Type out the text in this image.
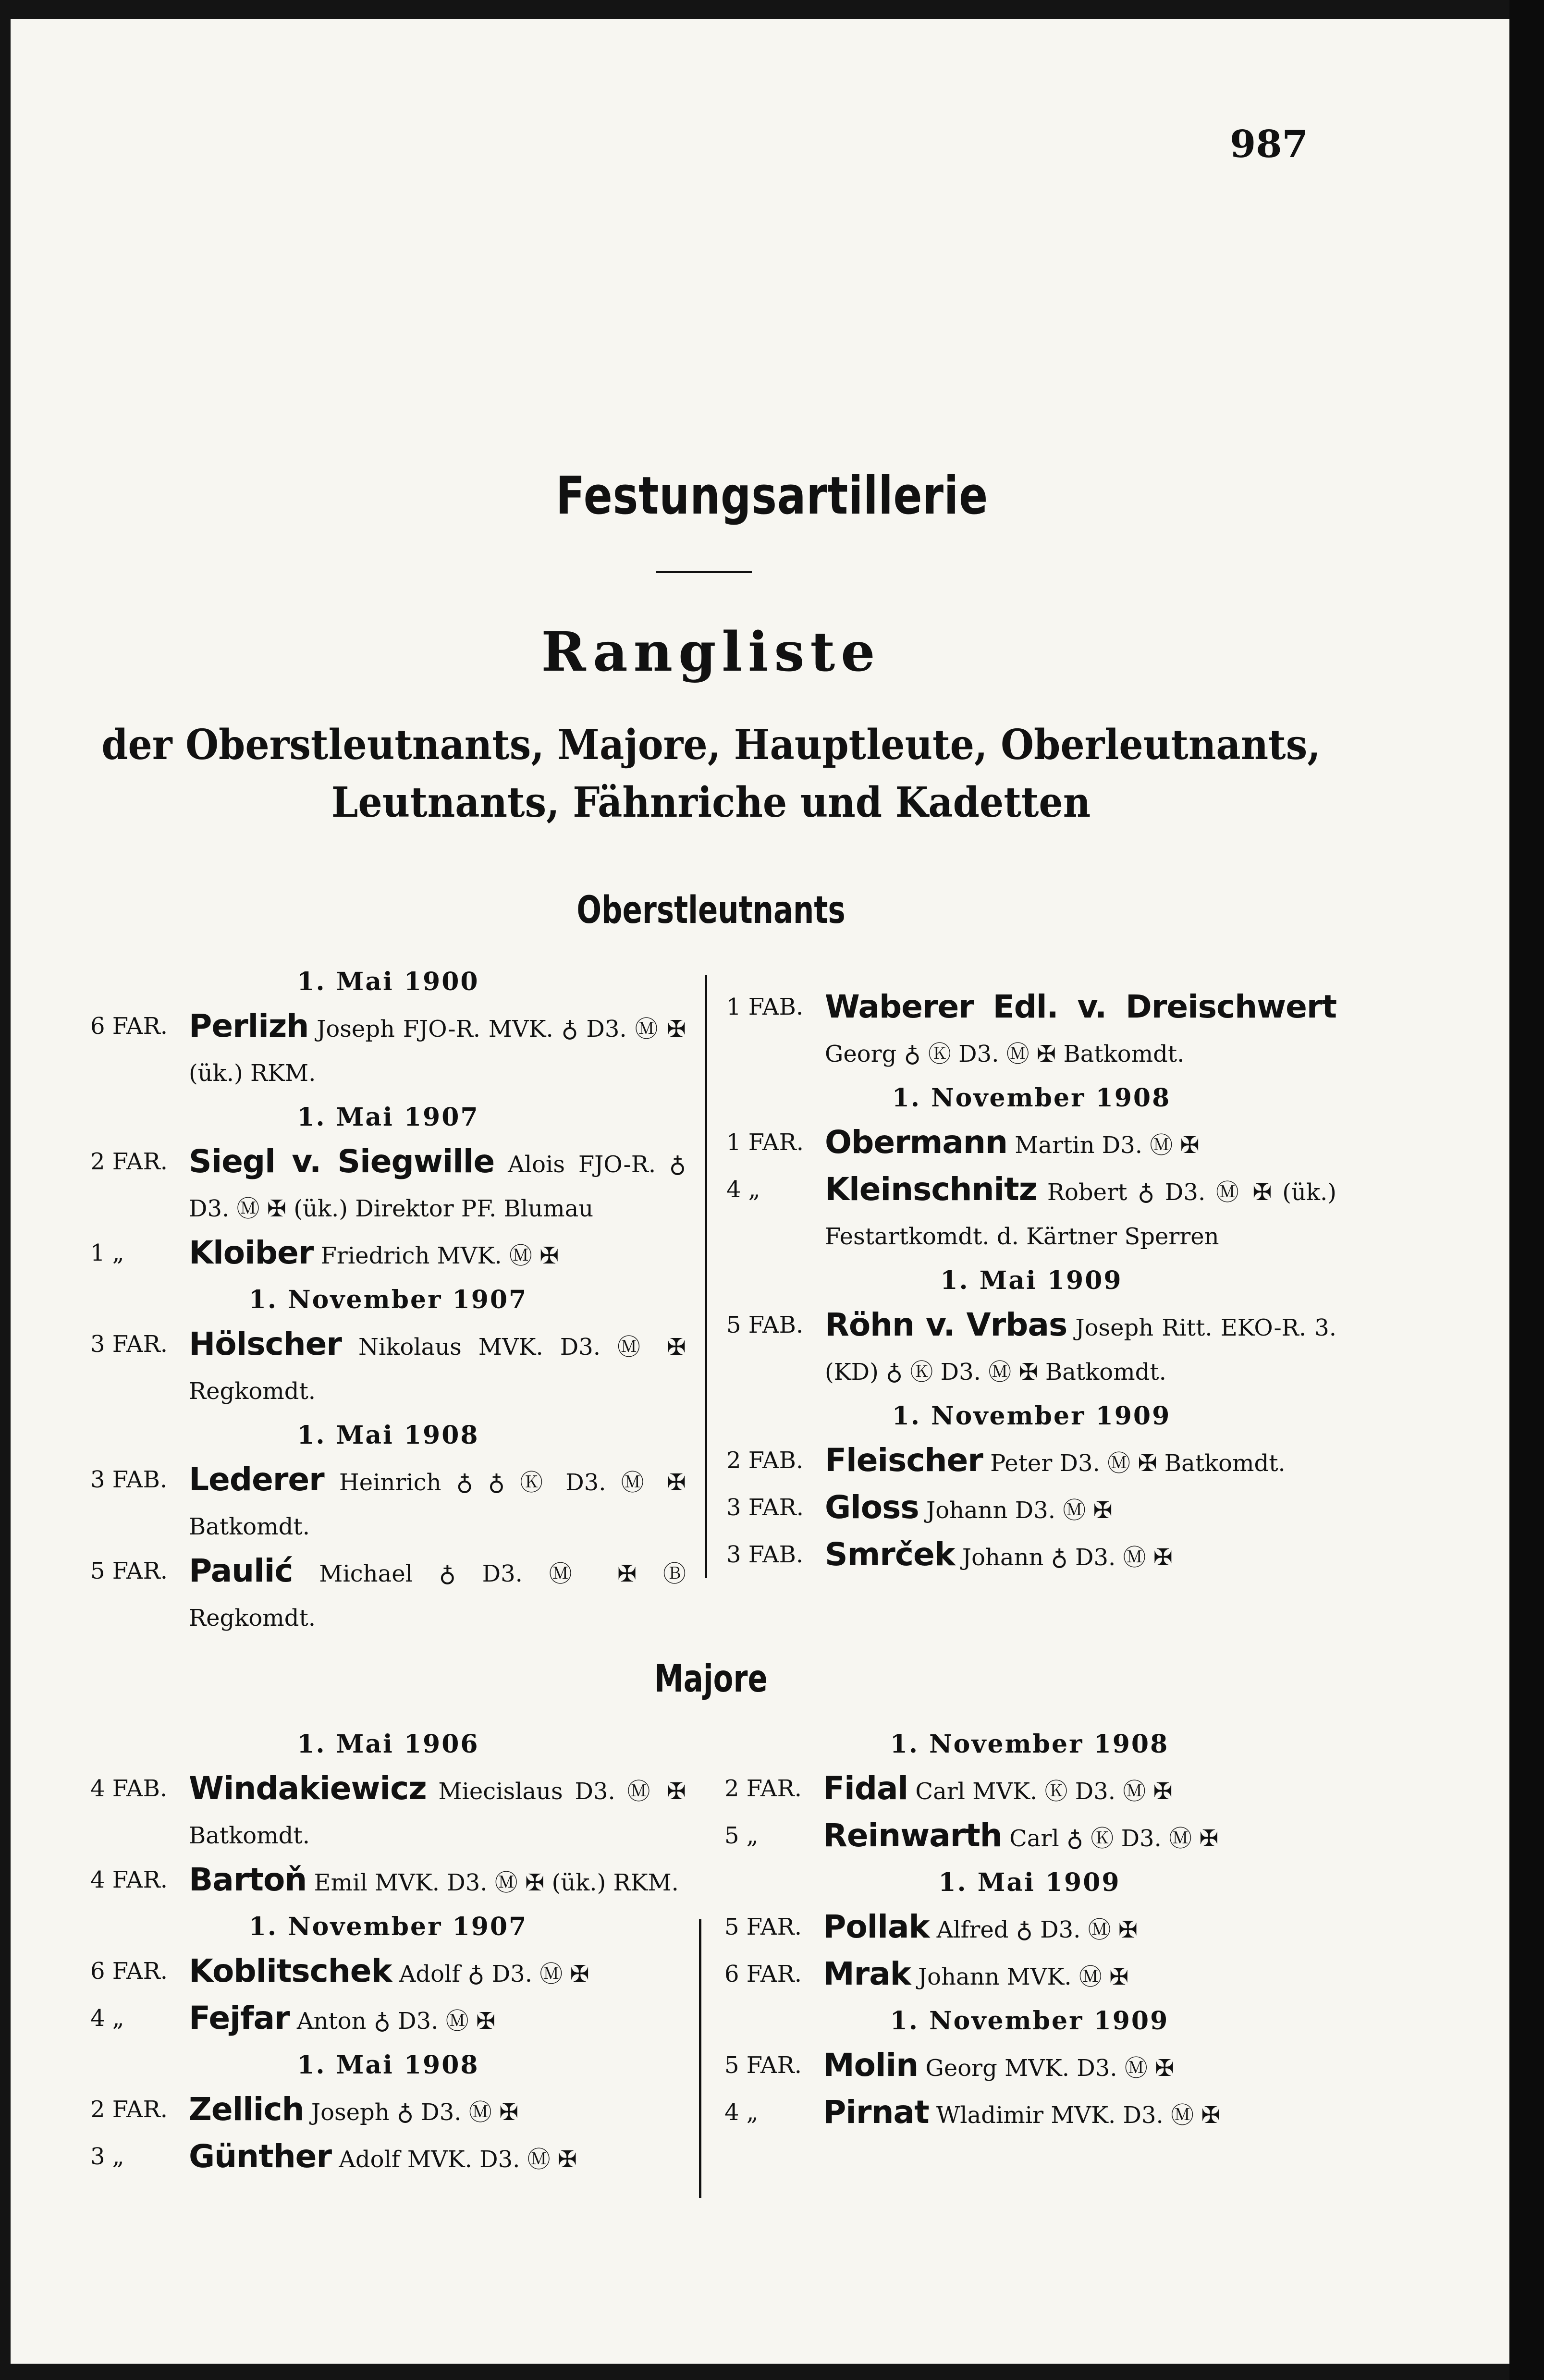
987
Festungsartillerie
Rangliste
der Oberstleutnants, Majore, Hauptleute, Oberleutnants,
Leutnants, Fähnriche und Kadetten
Oberstleutnants
1. Mai 1900
6 FAR. Perlizh Joseph FJO-R. MVK. ♁ D3. Ⓜ ✠ (ük.) RKM.
1. Mai 1907
2 FAR. Siegl v. Siegwille Alois FJO-R. ♁ D3. Ⓜ ✠ (ük.) Direktor PF. Blumau
1 „	Kloiber Friedrich MVK. Ⓜ ✠
1. November 1907
3 FAR. Hölscher Nikolaus MVK. D3. Ⓜ ✠ Regkomdt.
1. Mai 1908
3 FAB. Lederer Heinrich ♁ ♁ Ⓚ D3. Ⓜ ✠ Batkomdt.
5 FAR. Paulić Michael ♁ D3. Ⓜ ✠ Ⓑ Regkomdt.
1 FAB. Waberer Edl. v. Dreischwert Georg ♁ Ⓚ D3. Ⓜ ✠ Batkomdt.
1. November 1908
1 FAR. Obermann Martin D3. Ⓜ ✠
4 „	Kleinschnitz Robert ♁ D3. Ⓜ ✠ (ük.) Festartkomdt. d. Kärtner Sperren
1. Mai 1909
5 FAB. Röhn v. Vrbas Joseph Ritt. EKO-R. 3. (KD) ♁ Ⓚ D3. Ⓜ ✠ Batkomdt.
1. November 1909
2 FAB. Fleischer Peter D3. Ⓜ ✠ Batkomdt.
3 FAR. Gloss Johann D3. Ⓜ ✠
3 FAB. Smrček Johann ♁ D3. Ⓜ ✠
Majore
1. Mai 1906
4 FAB. Windakiewicz Miecislaus D3. Ⓜ ✠ Batkomdt.
4 FAR. Bartoň Emil MVK. D3. Ⓜ ✠ (ük.) RKM.
1. November 1907
6 FAR. Koblitschek Adolf ♁ D3. Ⓜ ✠
4 „	Fejfar Anton ♁ D3. Ⓜ ✠
1. Mai 1908
2 FAR. Zellich Joseph ♁ D3. Ⓜ ✠
3 „	Günther Adolf MVK. D3. Ⓜ ✠
1. November 1908
2 FAR. Fidal Carl MVK. Ⓚ D3. Ⓜ ✠
5 „	Reinwarth Carl ♁ Ⓚ D3. Ⓜ ✠
1. Mai 1909
5 FAR. Pollak Alfred ♁ D3. Ⓜ ✠
6 FAR. Mrak Johann MVK. Ⓜ ✠
1. November 1909
5 FAR. Molin Georg MVK. D3. Ⓜ ✠
4 „	Pirnat Wladimir MVK. D3. Ⓜ ✠
